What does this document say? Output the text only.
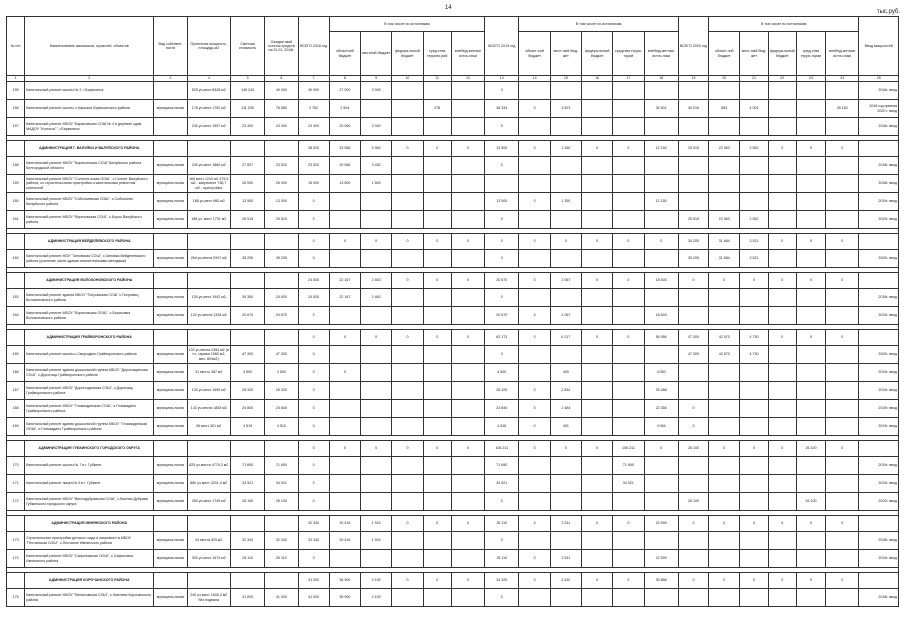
14
тыс.руб.
№ п/п	Наименование заказчиков, отраслей, объектов	Вид собствен-ности	Проектная мощность, площадь м2	Сметная стоимость	Ожидае-мый остаток средств на 01.01. 2018г.	ВСЕГО 2018 год	В том числе по источникам					ВСЕГО 2019 год	В том числе по источникам					ВСЕГО 2020 год	В том числе по источникам					Ввод мощностей
							областной бюджет	местный бюджет	федера-льный бюджет	сред-ства террито-рий	внебюд-жетные источ-ники		област-ной бюджет	мест-ный бюд-жет	федера-льный бюджет	средства терри-торий	внебюд-жетные источ-ники		област-ной бюджет	мест-ный бюд-жет	федера-льный бюджет	сред-ства терри-тории	внебюд-жетные источ-ники	
1	2	3	4	5	6	7	8	9	10	11	12	13	14	15	16	17	18	19	20	21	22	23	24	25
155	Капитальный ремонт школы № 2, г.Бирюсинск		525 уч.мест 8328 м2	149 243	40 000	30 000	27 000	3 000				0												2016г. ввод
156	Капитальный ремонт школы, с.Камское Бирюсинского района	муниципа-льная	175 уч.мест 1752 м2	111 035	76 580	2 762	2 504			278		38 334	0	3 823			34 501	40 016	853	4 001			35 162	2018 год приема 2020 г. ввод
157	Капитальный ремонт МБОУ "Барановская СОШ № 4 в деревне сдам МАДОУ "Колосок"", г.Бирюсинск		240 уч.мест 1557 м2	23 400	23 400	23 400	20 060	3 340				0												2018г. ввод

	АДМИНИСТРАЦИЯ Г. ВАЛУЙКИ И ВАЛУЙСКОГО РАЙОНА					38 520	33 558	4 962	0	0	0	13 500	0	1 350	0	0	12 150	25 515	22 963	2 552	0	0	0	
158	Капитальный ремонт МБОУ "Бирюсинская СОШ" Валуйского района Белгородской области	муниципа-льная	240 уч.мест 1860 м2	27 837	23 520	23 520	20 068	3 452				0												2018г. ввод
159	Капитальный ремонт МБОУ "Солонто-кская ООШ", с.Солонт Валуйского района, со строительством пристройки и капитальным ремонтом котельной	муниципа-льная	160 мест 1210 м2 475,5 м2 - капремонт 736,7 м2 - пристройка	26 000	26 000	15 000	13 500	1 500																2018г. ввод
160	Капитальный ремонт МБОУ "Собольевская СОШ", с.Собольево Валуйского района	муниципа-льная	185 уч.мест 960 м2	13 500	13 500	0						13 500	0	1 350			12 150							2019г. ввод
161	Капитальный ремонт МБОУ "Березовская СОШ", с.Борок Валуйского района	муниципа-льная	188 уч. мест 1701 м2	25 515	25 515	0						0						25 515	22 963	2 552				2020г. ввод

	АДМИНИСТРАЦИЯ ВЕЙДЕЛЕВСКОГО РАЙОНА					0	0	0	0	0	0	0	0	0	0	0	0	35 205	31 684	3 521	0	0	0	
162	Капитальный ремонт МОУ "Зиновская СОШ", с.Зиновка Вейделевского района (усиление части здания аналитическими методами)	муниципа-льная	264 уч.места 2947 м2	35 205	35 205	0						0						35 205	31 684	3 521				2020г. ввод

	АДМИНИСТРАЦИЯ ВОЛОКОНОВСКОГО РАЙОНА					24 630	22 167	2 463	0	0	0	20 670	0	2 067	0	0	18 603	0	0	0	0	0	0	
163	Капитальный ремонт здания МБОУ "Погромская СОШ" с.Погромец Волоконовского района	муниципа-льная	130 уч.мест 1942 м2	39 300	24 630	24 630	22 167	2 463				0												2018г. ввод
164	Капитальный ремонт МБОУ "Борисовская ООШ", с.Борисовка Волоконовского района	муниципа-льная	132 уч.места 1328 м2	20 670	20 670	0						20 670	0	2 067			18 603							2019г. ввод

	АДМИНИСТРАЦИЯ ГРАЙВОРОНСКОГО РАЙОНА					0	0	0	0	0	0	62 173	0	6 217	0	0	55 956	47 300	42 570	4 730	0	0	0	
165	Капитальный ремонт школы с.Смородино Грайворонского района	муниципа-льная	132 уч.места 2384 м2 (в т.ч. гаражи 1580 м2, мех. 804м2)	47 300	47 300	0						0						47 300	42 570	4 730				2020г. ввод
166	Капитальный ремонт здания дошкольной группы МБОУ "Дорогощанская СОШ", с.Дорогощь Грайворонского района	муниципа-льная	31 место 387 м2	4 500	4 500	0	0					4 500		450			4 050							2019г. ввод
167	Капитальный ремонт МБОУ "Дорогощанская СОШ", с.Дорогощь Грайворонского района	муниципа-льная	130 уч.мест 1699 м2	28 320	28 320	0						28 320	0	2 832			25 488							2019г. ввод
168	Капитальный ремонт МБОУ "Гломаздинская СОШ", п.Гломаздино Грайворонского района	муниципа-льная	143 уч.места 1855 м2	24 840	24 840	0						24 840	0	2 484			22 356	0						2019г. ввод
169	Капитальный ремонт здания дошкольной группы МБОУ "Гломаздинская ООШ", п.Гломаздино Грайворонского района	муниципа-льная	26 мест 301 м2	4 515	4 515	0						4 515	0	451			4 064	0						2019г. ввод

	АДМИНИСТРАЦИЯ ГУБКИНСКОГО ГОРОДСКОГО ОКРУГА					0	0	0	0	0	0	106 211	0	0	0	106 211	0	26 100	0	0	0	26 100	0	
170	Капитальный ремонт школы № 7 в г. Губкине	муниципа-льная	825 уч.места 4776,3 м2	71 690	71 690	0						71 690				71 690								2019г. ввод
171	Капитальный ремонт лицея № 5 в г. Губкине	муниципа-льная	880 уч.мест 3201,4 м2	34 521	34 521	0						34 521				34 521								2019г. ввод
172	Капитальный ремонт МБОУ "Вислодубравская СОШ", с.Вислая Дубрава Губкинского городского округа	муниципа-льная	280 уч.мест 1749 м2	26 100	26 100	0						0						26 100				26 100		2020г. ввод

	АДМИНИСТРАЦИЯ ИВНЯНСКОГО РАЙОНА					32 340	30 416	1 924	0	0	0	25 110	0	2 511	0	0	22 599	0	0	0	0	0	0	
173	Строительство пристройки детского сада и капремонт в МБОУ "Песчанская СОШ", с.Песчаное Ивнянского района	муниципа-льная	44 места 925 м2	32 340	32 340	32 340	30 416	1 924				0												2018г. ввод
174	Капитальный ремонт МБОУ "Сафоновская ООШ", с.Сафоновка Ивнянского района	муниципа-льная	300 уч.мест 1674 м2	25 110	25 110	0						25 110	0	2 511			22 599							2019г. ввод

	АДМИНИСТРАЦИЯ КОРОЧАНСКОГО РАЙОНА					41 000	36 900	4 100	0	0	0	34 320	0	3 432	0	0	30 888	0	0	0	0	0	0	
175	Капитальный ремонт МБОУ "Мелиховская СОШ", с.Хмелево Корочанского района	муниципа-льная	240 уч.мест 1835,3 м2 без подвала	41 000	41 000	41 000	36 900	4 100				0												2018г. ввод
